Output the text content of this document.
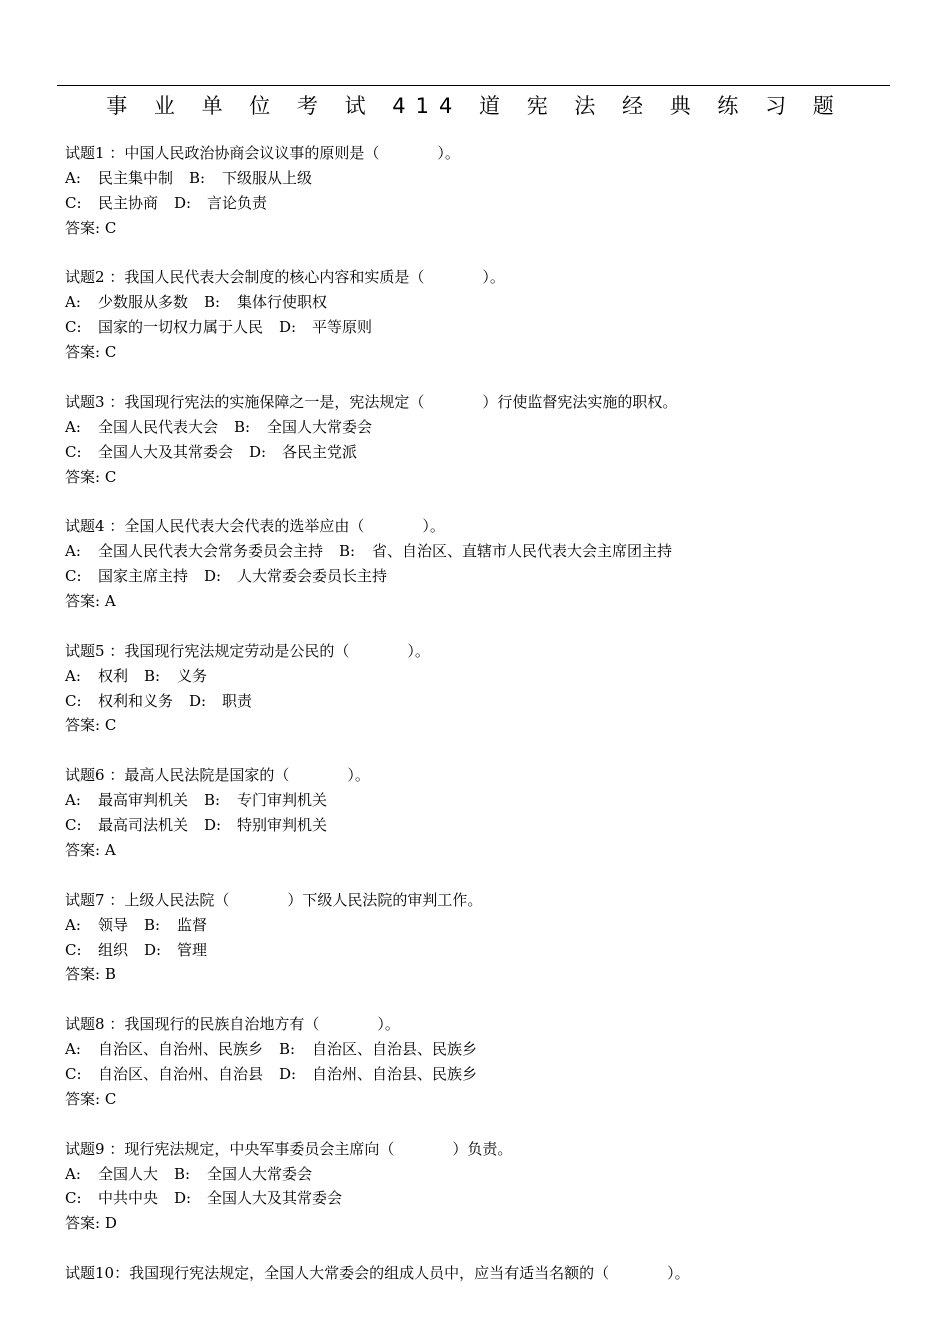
事 业 单 位 考 试 414 道 宪 法 经 典 练 习 题
试题1 ：中国人民政治协商会议议事的原则是（	）。
A: 民主集中制 B: 下级服从上级
C: 民主协商 D: 言论负责
答案: C
试题2 ：我国人民代表大会制度的核心内容和实质是（	）。
A: 少数服从多数 B: 集体行使职权
C: 国家的一切权力属于人民 D: 平等原则
答案: C
试题3 ：我国现行宪法的实施保障之一是，宪法规定（	）行使监督宪法实施的职权。
A: 全国人民代表大会 B: 全国人大常委会
C: 全国人大及其常委会 D: 各民主党派
答案: C
试题4 ：全国人民代表大会代表的选举应由（	）。
A: 全国人民代表大会常务委员会主持 B: 省、自治区、直辖市人民代表大会主席团主持
C: 国家主席主持 D: 人大常委会委员长主持
答案: A
试题5 ：我国现行宪法规定劳动是公民的（	）。
A: 权利 B: 义务
C: 权利和义务 D: 职责
答案: C
试题6 ：最高人民法院是国家的（	）。
A: 最高审判机关 B: 专门审判机关
C: 最高司法机关 D: 特别审判机关
答案: A
试题7 ：上级人民法院（	）下级人民法院的审判工作。
A: 领导 B: 监督
C: 组织 D: 管理
答案: B
试题8 ：我国现行的民族自治地方有（	）。
A: 自治区、自治州、民族乡 B: 自治区、自治县、民族乡
C: 自治区、自治州、自治县 D: 自治州、自治县、民族乡
答案: C
试题9 ：现行宪法规定，中央军事委员会主席向（	）负责。
A: 全国人大 B: 全国人大常委会
C: 中共中央 D: 全国人大及其常委会
答案: D
试题10：我国现行宪法规定，全国人大常委会的组成人员中，应当有适当名额的（	）。
